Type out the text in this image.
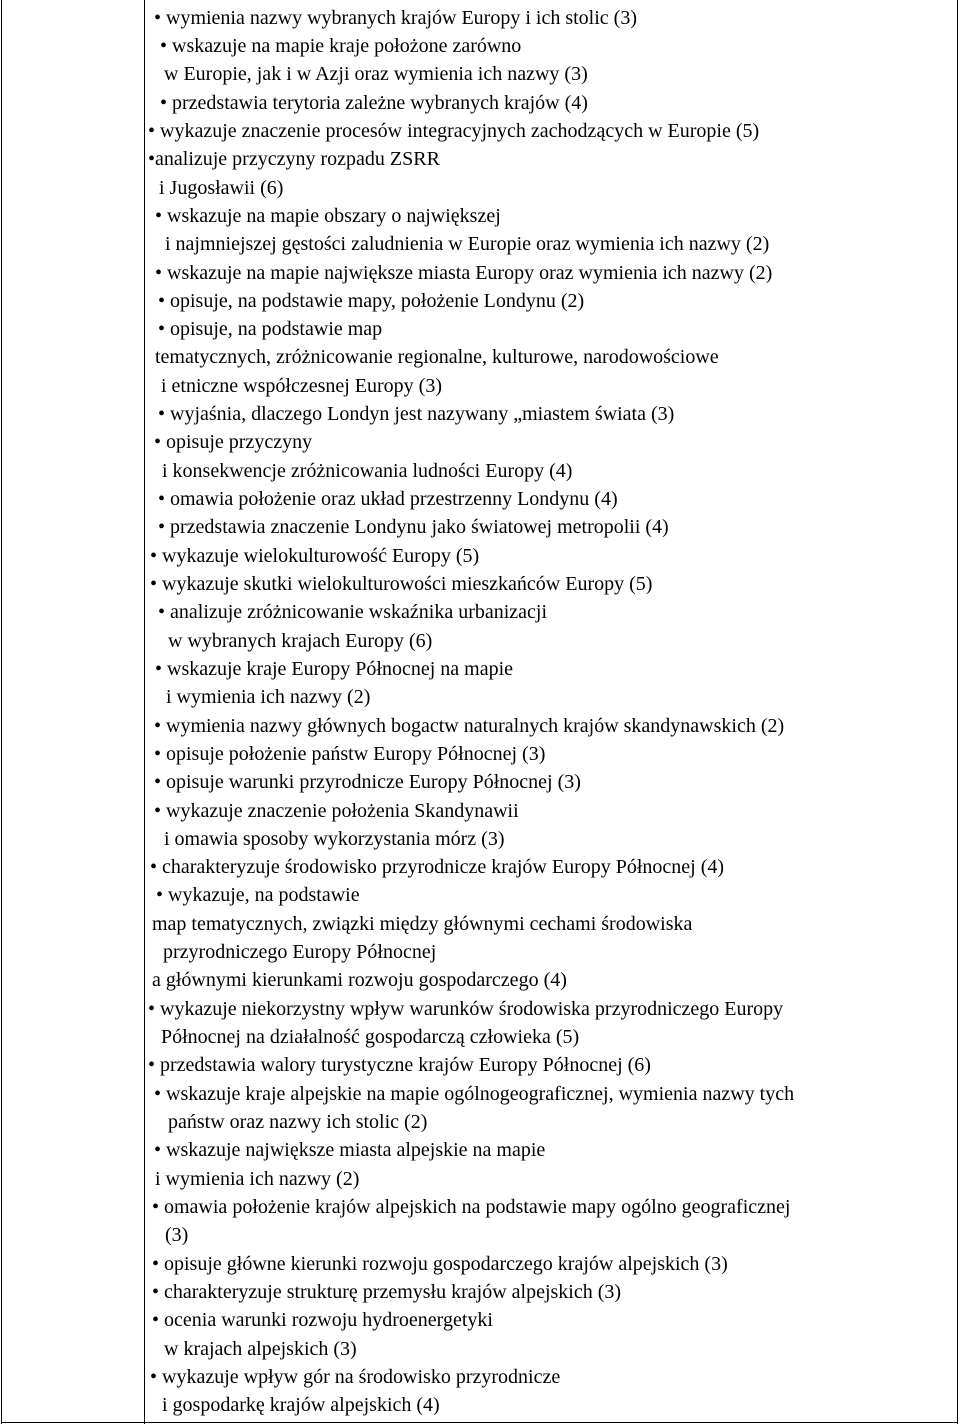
• wymienia nazwy wybranych krajów Europy i ich stolic (3)
• wskazuje na mapie kraje położone zarówno
w Europie, jak i w Azji oraz wymienia ich nazwy (3)
• przedstawia terytoria zależne wybranych krajów (4)
• wykazuje znaczenie procesów integracyjnych zachodzących w Europie (5)
•analizuje przyczyny rozpadu ZSRR
i Jugosławii (6)
• wskazuje na mapie obszary o największej
i najmniejszej gęstości zaludnienia w Europie oraz wymienia ich nazwy (2)
• wskazuje na mapie największe miasta Europy oraz wymienia ich nazwy (2)
• opisuje, na podstawie mapy, położenie Londynu (2)
• opisuje, na podstawie map
tematycznych, zróżnicowanie regionalne, kulturowe, narodowościowe
i etniczne współczesnej Europy (3)
• wyjaśnia, dlaczego Londyn jest nazywany „miastem świata (3)
• opisuje przyczyny
i konsekwencje zróżnicowania ludności Europy (4)
• omawia położenie oraz układ przestrzenny Londynu (4)
• przedstawia znaczenie Londynu jako światowej metropolii (4)
• wykazuje wielokulturowość Europy (5)
• wykazuje skutki wielokulturowości mieszkańców Europy (5)
• analizuje zróżnicowanie wskaźnika urbanizacji
w wybranych krajach Europy (6)
• wskazuje kraje Europy Północnej na mapie
i wymienia ich nazwy (2)
• wymienia nazwy głównych bogactw naturalnych krajów skandynawskich (2)
• opisuje położenie państw Europy Północnej (3)
• opisuje warunki przyrodnicze Europy Północnej (3)
• wykazuje znaczenie położenia Skandynawii
i omawia sposoby wykorzystania mórz (3)
• charakteryzuje środowisko przyrodnicze krajów Europy Północnej (4)
• wykazuje, na podstawie
map tematycznych, związki między głównymi cechami środowiska
przyrodniczego Europy Północnej
a głównymi kierunkami rozwoju gospodarczego (4)
• wykazuje niekorzystny wpływ warunków środowiska przyrodniczego Europy
Północnej na działalność gospodarczą człowieka (5)
• przedstawia walory turystyczne krajów Europy Północnej (6)
• wskazuje kraje alpejskie na mapie ogólnogeograficznej, wymienia nazwy tych
państw oraz nazwy ich stolic (2)
• wskazuje największe miasta alpejskie na mapie
i wymienia ich nazwy (2)
• omawia położenie krajów alpejskich na podstawie mapy ogólno geograficznej
(3)
• opisuje główne kierunki rozwoju gospodarczego krajów alpejskich (3)
• charakteryzuje strukturę przemysłu krajów alpejskich (3)
• ocenia warunki rozwoju hydroenergetyki
w krajach alpejskich (3)
• wykazuje wpływ gór na środowisko przyrodnicze
i gospodarkę krajów alpejskich (4)
